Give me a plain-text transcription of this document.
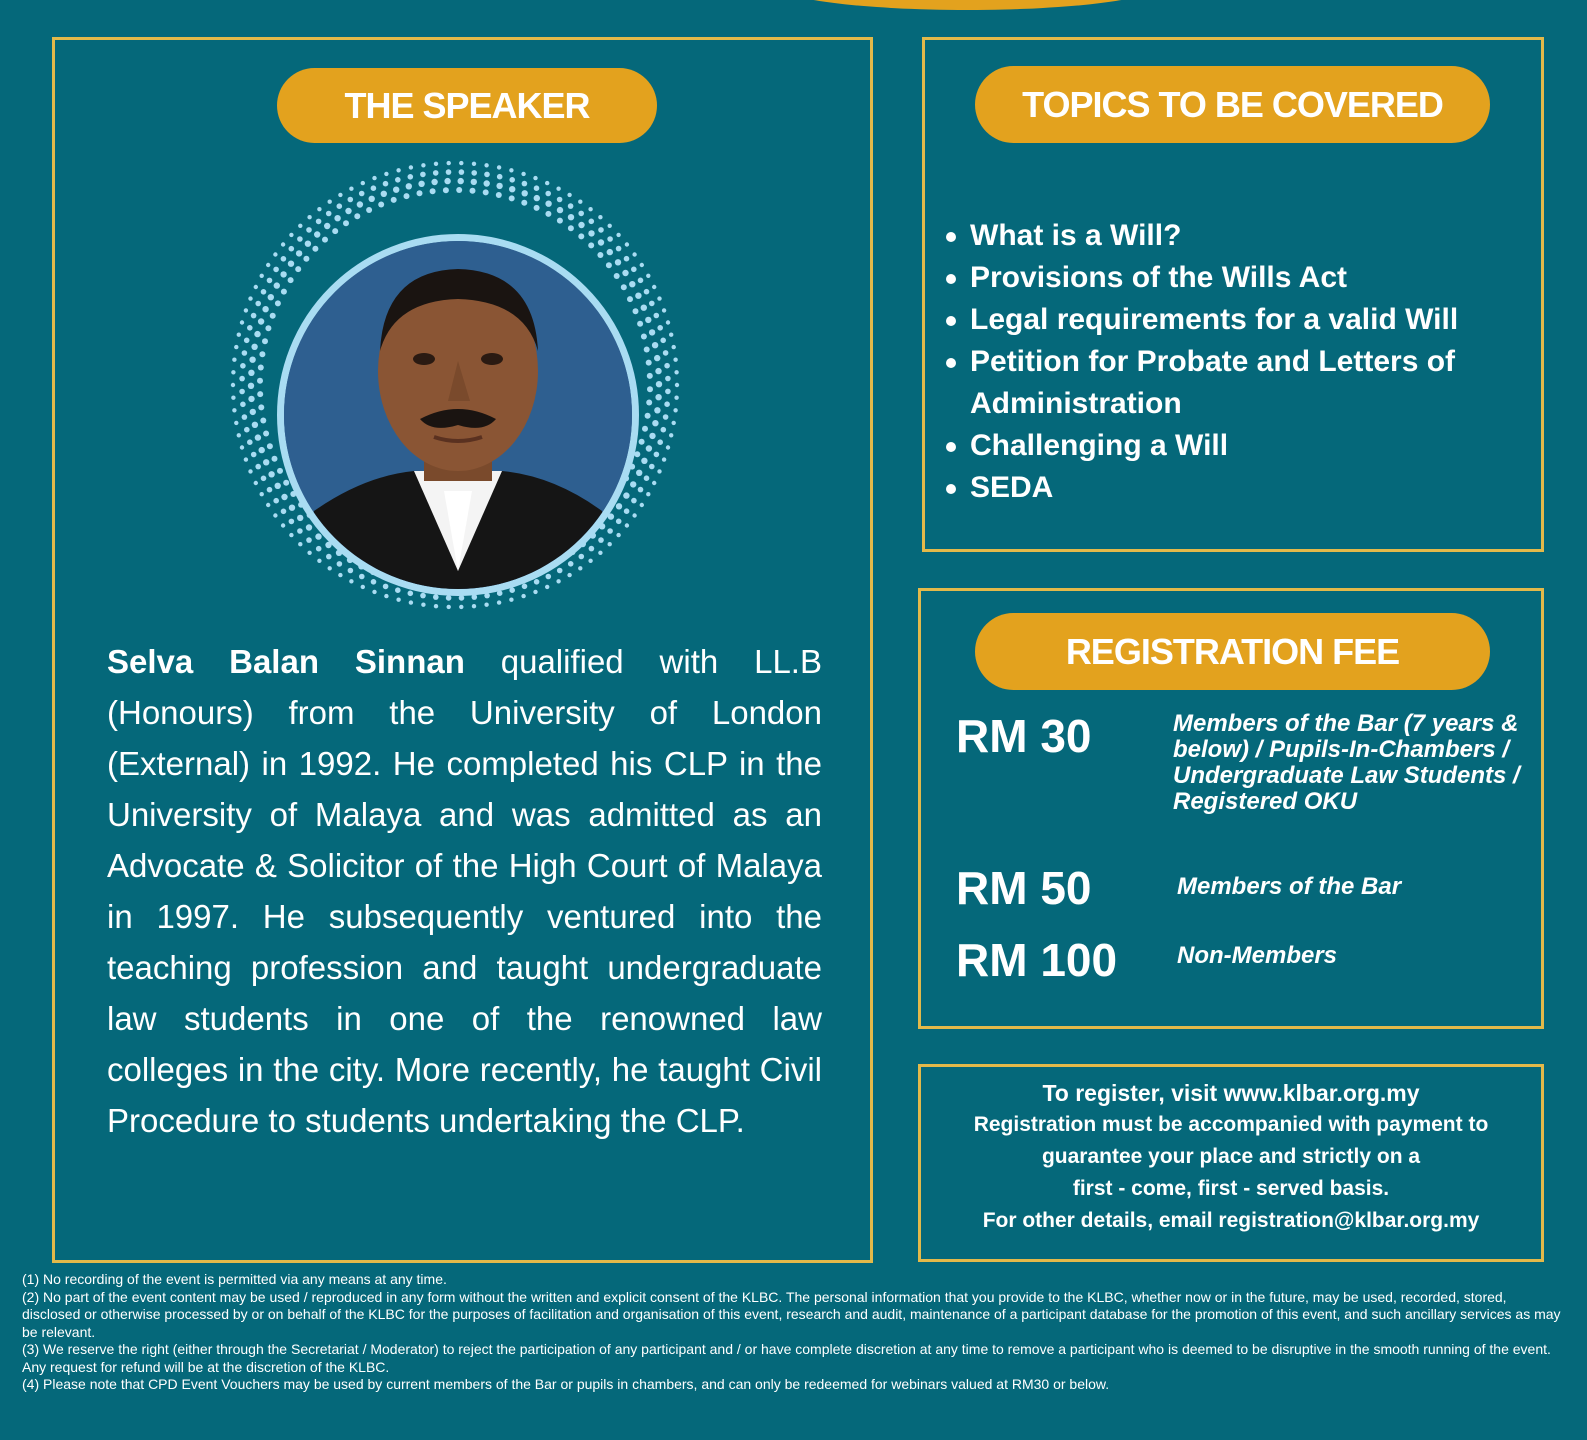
THE SPEAKER

Selva Balan Sinnan qualified with LL.B (Honours) from the University of London (External) in 1992. He completed his CLP in the University of Malaya and was admitted as an Advocate & Solicitor of the High Court of Malaya in 1997. He subsequently ventured into the teaching profession and taught undergraduate law students in one of the renowned law colleges in the city. More recently, he taught Civil Procedure to students undertaking the CLP.

TOPICS TO BE COVERED
What is a Will?
Provisions of the Wills Act
Legal requirements for a valid Will
Petition for Probate and Letters of Administration
Challenging a Will
SEDA
REGISTRATION FEE
RM 30	Members of the Bar (7 years & below) / Pupils-In-Chambers / Undergraduate Law Students / Registered OKU
RM 50	Members of the Bar
RM 100 Non-Members
To register, visit www.klbar.org.my
Registration must be accompanied with payment to
guarantee your place and strictly on a
first - come, first - served basis.
For other details, email registration@klbar.org.my

(1) No recording of the event is permitted via any means at any time.

(2) No part of the event content may be used / reproduced in any form without the written and explicit consent of the KLBC. The personal information that you provide to the KLBC, whether now or in the future, may be used, recorded, stored, disclosed or otherwise processed by or on behalf of the KLBC for the purposes of facilitation and organisation of this event, research and audit, maintenance of a participant database for the promotion of this event, and such ancillary services as may be relevant.

(3) We reserve the right (either through the Secretariat / Moderator) to reject the participation of any participant and / or have complete discretion at any time to remove a participant who is deemed to be disruptive in the smooth running of the event. Any request for refund will be at the discretion of the KLBC.

(4) Please note that CPD Event Vouchers may be used by current members of the Bar or pupils in chambers, and can only be redeemed for webinars valued at RM30 or below.
